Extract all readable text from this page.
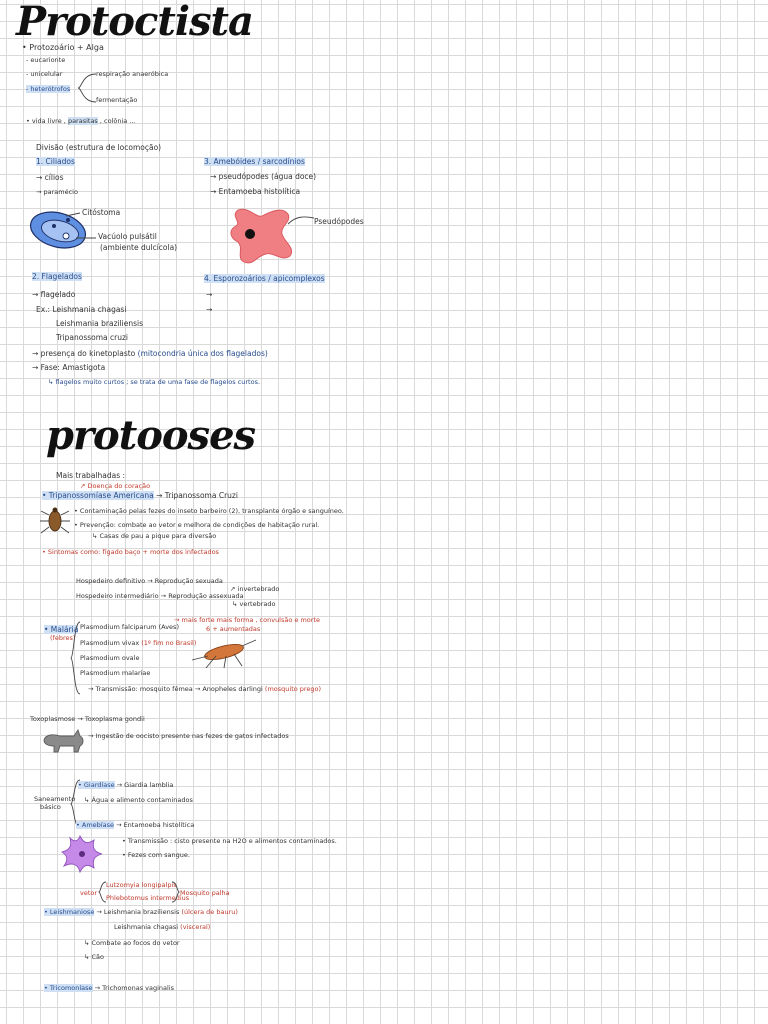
Protoctista
• Protozoário + Alga
- eucarionte
- unicelular
- heterótrofos
respiração anaeróbica
fermentação
• vida livre , parasitas , colônia ...
Divisão (estrutura de locomoção)
1. Ciliados
→ cílios
→ paramécio
Citóstoma
Vacúolo pulsátil
(ambiente dulcícola)
3. Amebóides / sarcodínios
→ pseudópodes (água doce)
→ Entamoeba histolítica
Pseudópodes
2. Flagelados
→ flagelado
Ex.: Leishmania chagasi
Leishmania braziliensis
Tripanossoma cruzi
→ presença do kinetoplasto (mitocondria única dos flagelados)
→ Fase: Amastigota
↳ flagelos muito curtos ; se trata de uma fase de flagelos curtos.
4. Esporozoários / apicomplexos
→
→
protooses
Mais trabalhadas :
↗ Doença do coração
• Tripanossomíase Americana → Tripanossoma Cruzi
• Contaminação pelas fezes do inseto barbeiro (2), transplante órgão e sanguíneo.
• Prevenção: combate ao vetor e melhora de condições de habitação rural.
↳ Casas de pau a pique para diversão
• Sintomas como: fígado baço + morte dos infectados
Hospedeiro definitivo → Reprodução sexuada
Hospedeiro intermediário → Reprodução assexuada
↗ invertebrado
↳ vertebrado
• Malária
(febres)
Plasmodium falciparum (Aves)
→ mais forte mais forma , convulsão e morte
6 + aumentadas
Plasmodium vivax (1º fim no Brasil)
Plasmodium ovale
Plasmodium malariae
→ Transmissão: mosquito fêmea → Anopheles darlingi (mosquito prego)
Toxoplasmose → Toxoplasma gondii
→ Ingestão de oocisto presente nas fezes de gatos infectados
Saneamento
básico
• Giardíase → Giardia lamblia
↳ Água e alimento contaminados
• Amebíase → Entamoeba histolítica
• Transmissão : cisto presente na H2O e alimentos contaminados.
• Fezes com sangue.
vetor
Lutzomyia longipalpis
Phlebotomus intermedius
Mosquito palha
• Leishmaniose → Leishmania braziliensis (úlcera de bauru)
Leishmania chagasi (visceral)
↳ Combate ao focos do vetor
↳ Cão
• Tricomoníase → Trichomonas vaginalis
